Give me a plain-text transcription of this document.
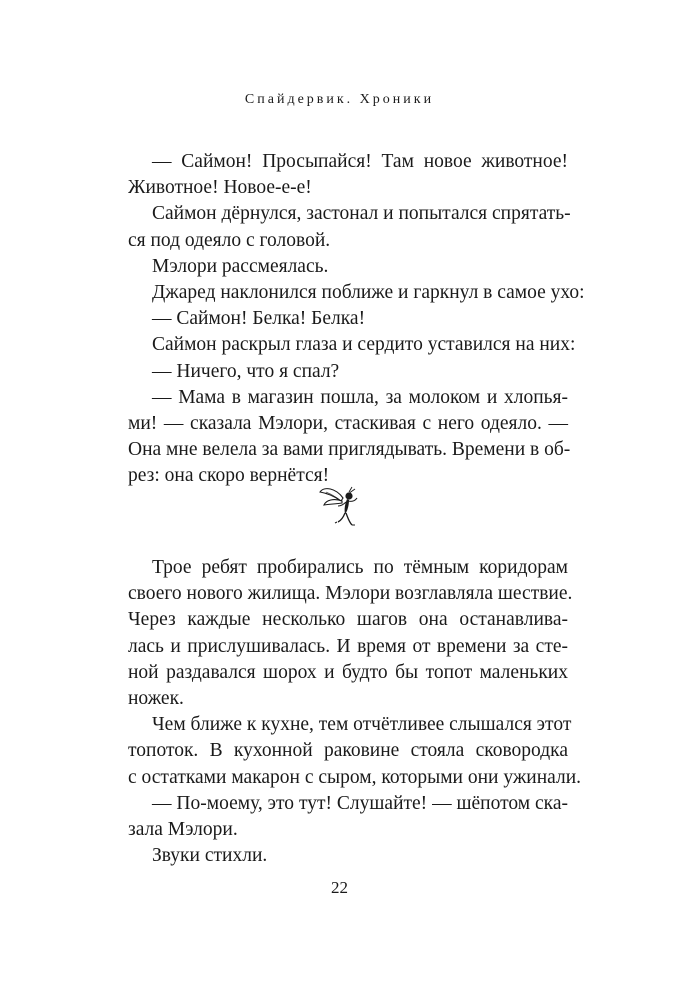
Спайдервик. Хроники
— Саймон! Просыпайся! Там новое животное!
Животное! Новое-е-е!
Саймон дёрнулся, застонал и попытался спрятать-
ся под одеяло с головой.
Мэлори рассмеялась.
Джаред наклонился поближе и гаркнул в самое ухо:
— Саймон! Белка! Белка!
Саймон раскрыл глаза и сердито уставился на них:
— Ничего, что я спал?
— Мама в магазин пошла, за молоком и хлопья-
ми! — сказала Мэлори, стаскивая с него одеяло. —
Она мне велела за вами приглядывать. Времени в об-
рез: она скоро вернётся!
Трое ребят пробирались по тёмным коридорам
своего нового жилища. Мэлори возглавляла шествие.
Через каждые несколько шагов она останавлива-
лась и прислушивалась. И время от времени за сте-
ной раздавался шорох и будто бы топот маленьких
ножек.
Чем ближе к кухне, тем отчётливее слышался этот
топоток. В кухонной раковине стояла сковородка
с остатками макарон с сыром, которыми они ужинали.
— По-моему, это тут! Слушайте! — шёпотом ска-
зала Мэлори.
Звуки стихли.
22
